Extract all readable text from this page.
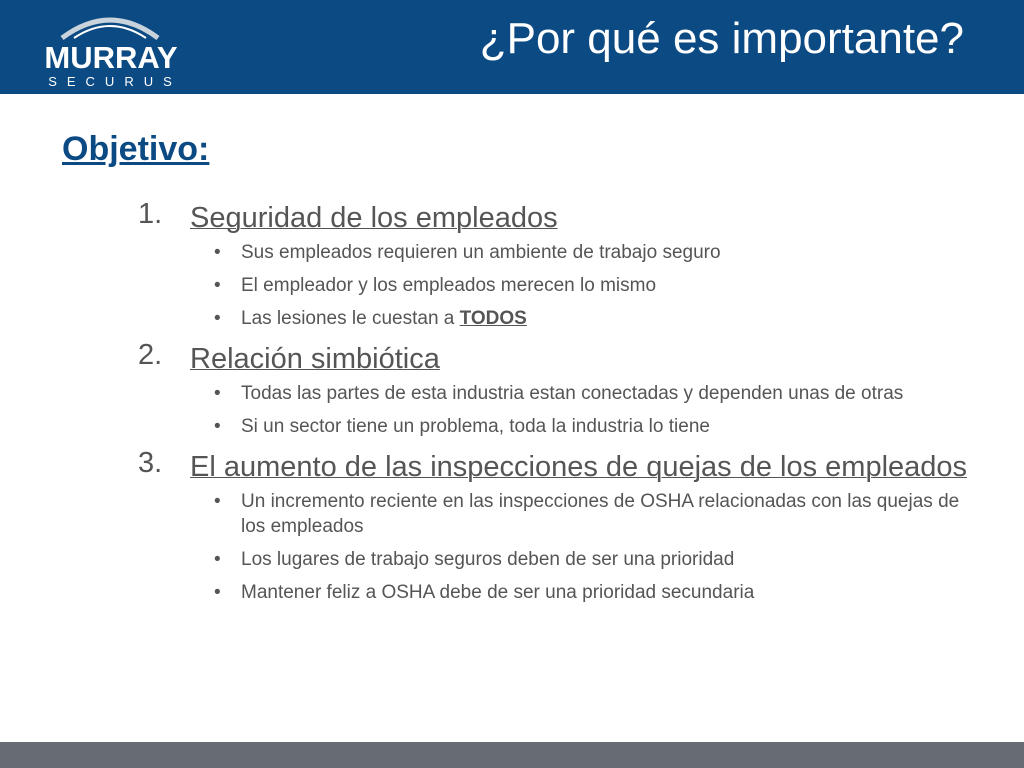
MURRAY
SECURUS
¿Por qué es importante?
Objetivo:
1. Seguridad de los empleados
• Sus empleados requieren un ambiente de trabajo seguro
• El empleador y los empleados merecen lo mismo
• Las lesiones le cuestan a TODOS
2. Relación simbiótica
• Todas las partes de esta industria estan conectadas y dependen unas de otras
• Si un sector tiene un problema, toda la industria lo tiene
3. El aumento de las inspecciones de quejas de los empleados
• Un incremento reciente en las inspecciones de OSHA relacionadas con las quejas de los empleados
• Los lugares de trabajo seguros deben de ser una prioridad
• Mantener feliz a OSHA debe de ser una prioridad secundaria
